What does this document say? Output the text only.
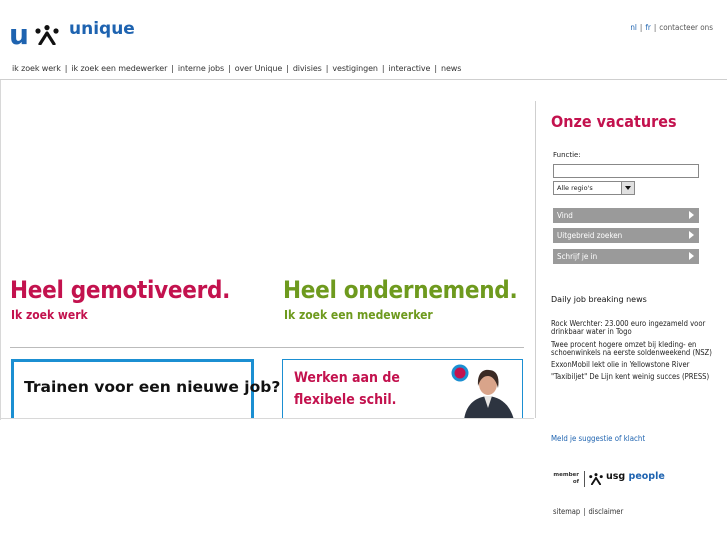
u unique	nl | fr | contacteer ons
ik zoek werk | ik zoek een medewerker | interne jobs | over Unique | divisies | vestigingen | interactive | news
Heel gemotiveerd.
Ik zoek werk
Heel ondernemend.
Ik zoek een medewerker
Trainen voor een nieuwe job? Werken aan de
flexibele schil.
Onze vacatures
Functie:
Alle regio's
Vind
Uitgebreid zoeken
Schrijf je in
Daily job breaking news
Rock Werchter: 23.000 euro ingezameld voor drinkbaar water in Togo
Twee procent hogere omzet bij kleding- en schoenwinkels na eerste soldenweekend (NSZ)
ExxonMobil lekt olie in Yellowstone River
"Taxibiljet" De Lijn kent weinig succes (PRESS)
Meld je suggestie of klacht
member
of	usg people
sitemap | disclaimer
